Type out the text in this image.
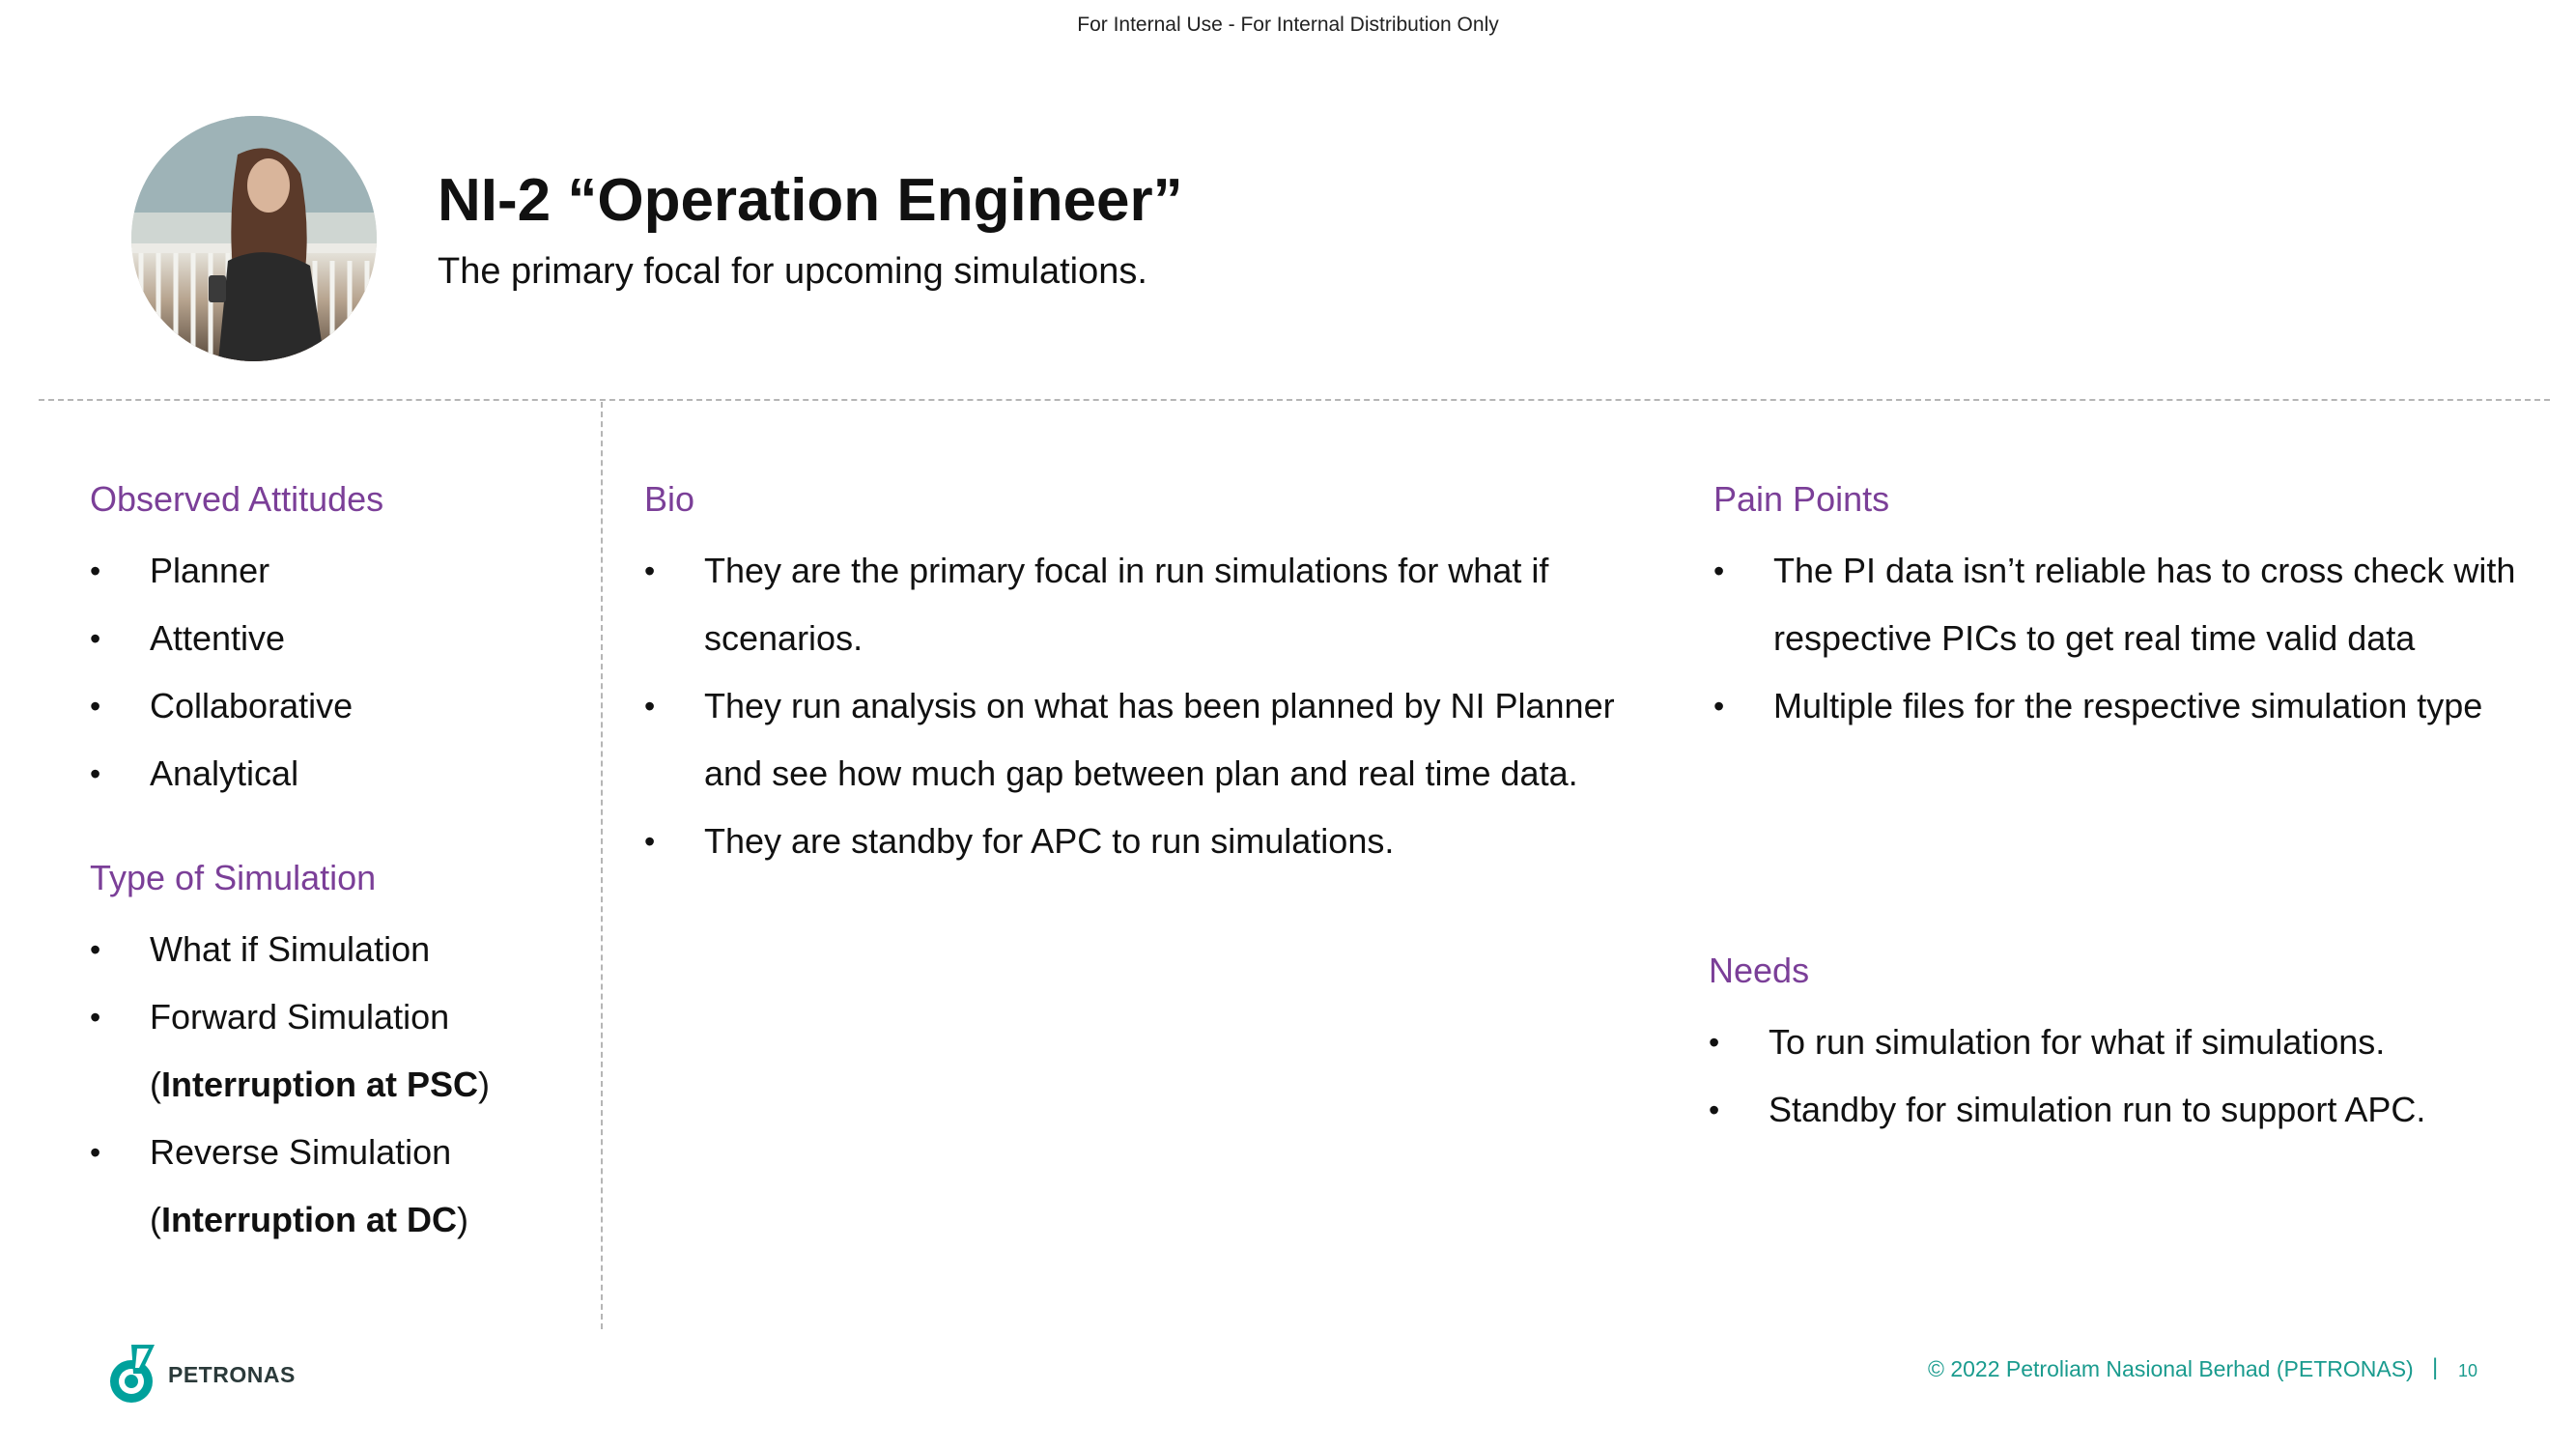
For Internal Use - For Internal Distribution Only
NI-2 “Operation Engineer”
The primary focal for upcoming simulations.
Observed Attitudes
• Planner
• Attentive
• Collaborative
• Analytical
Type of Simulation
• What if Simulation
• Forward Simulation
(Interruption at PSC)
• Reverse Simulation
(Interruption at DC)
Bio
• They are the primary focal in run simulations for what if
scenarios.
• They run analysis on what has been planned by NI Planner
and see how much gap between plan and real time data.
• They are standby for APC to run simulations.
Pain Points
• The PI data isn’t reliable has to cross check with
respective PICs to get real time valid data
• Multiple files for the respective simulation type
Needs
• To run simulation for what if simulations.
• Standby for simulation run to support APC.
PETRONAS	© 2022 Petroliam Nasional Berhad (PETRONAS) | 10
